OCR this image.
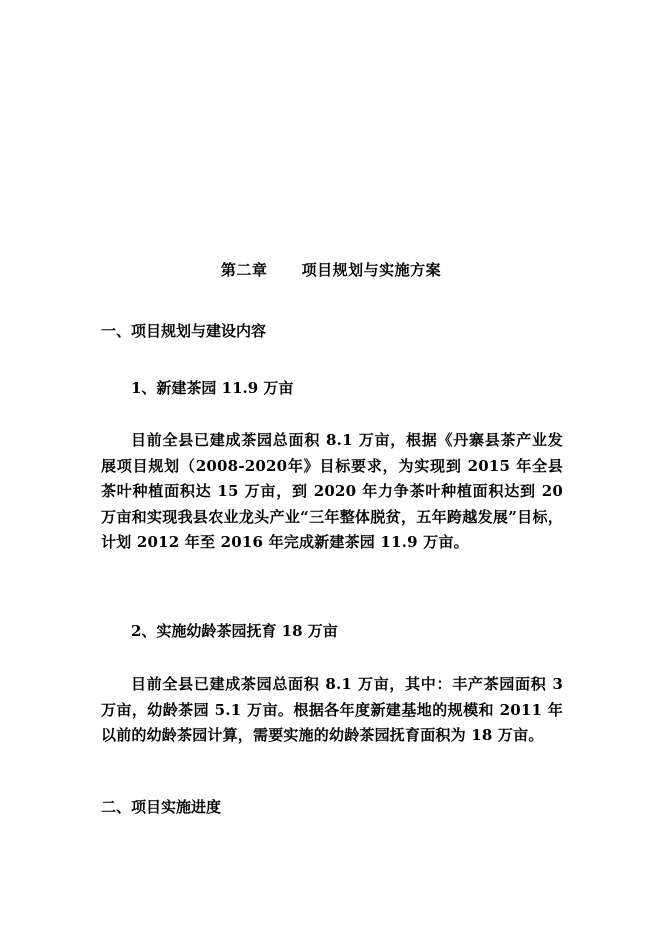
第二章 项目规划与实施方案
一、项目规划与建设内容
1、新建茶园 11.9 万亩
目前全县已建成茶园总面积 8.1 万亩，根据《丹寨县茶产业发展项目规划（2008-2020年》目标要求，为实现到 2015 年全县茶叶种植面积达 15 万亩，到 2020 年力争茶叶种植面积达到 20 万亩和实现我县农业龙头产业“三年整体脱贫，五年跨越发展”目标，计划 2012 年至 2016 年完成新建茶园 11.9 万亩。
2、实施幼龄茶园抚育 18 万亩
目前全县已建成茶园总面积 8.1 万亩，其中：丰产茶园面积 3 万亩，幼龄茶园 5.1 万亩。根据各年度新建基地的规模和 2011 年以前的幼龄茶园计算，需要实施的幼龄茶园抚育面积为 18 万亩。
二、项目实施进度
